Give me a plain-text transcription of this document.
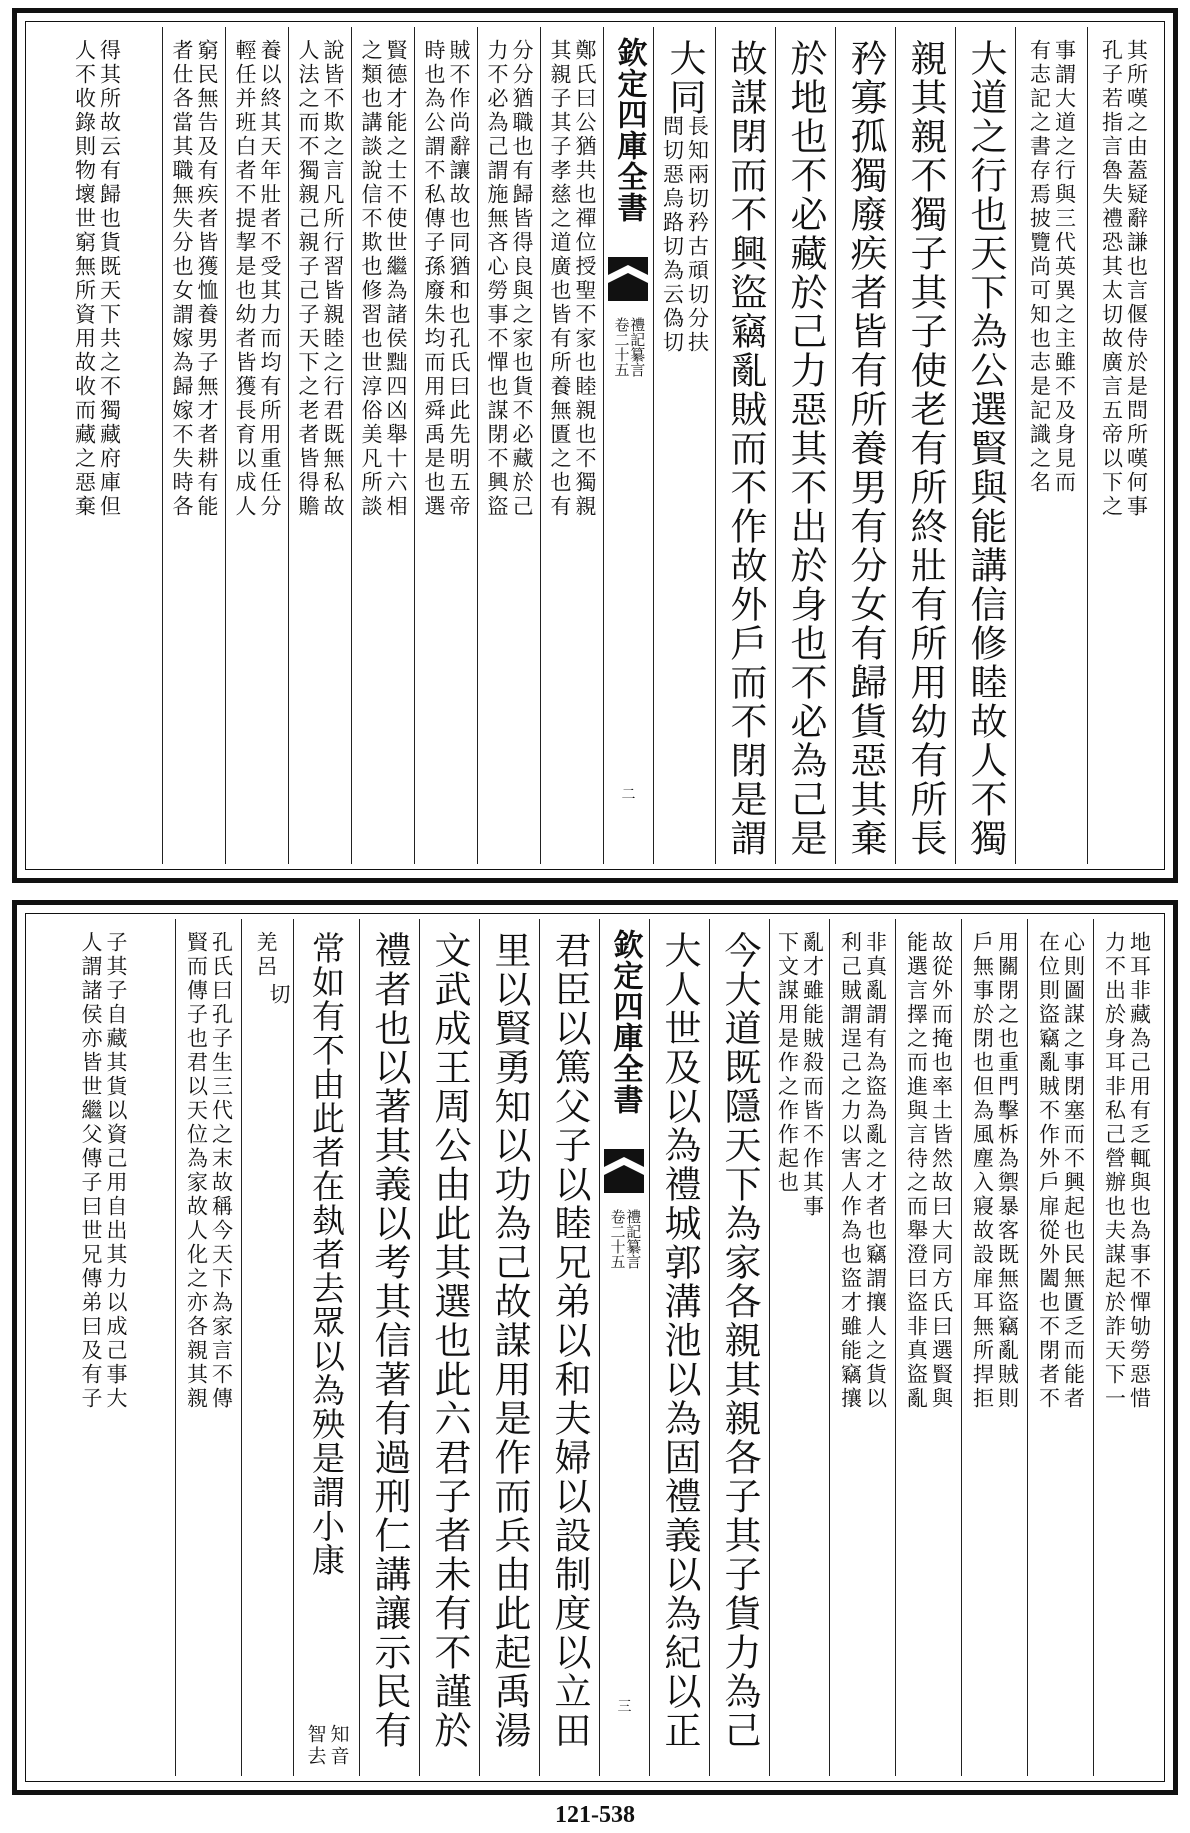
其所嘆之由蓋疑辭謙也言偃侍於是問所嘆何事
孔子若指言魯失禮恐其太切故廣言五帝以下之
事謂大道之行與三代英異之主雖不及身見而
有志記之書存焉披覽尚可知也志是記識之名
大道之行也天下為公選賢與能講信修睦故人不獨
親其親不獨子其子使老有所終壯有所用幼有所長
矜寡孤獨廢疾者皆有所養男有分女有歸貨惡其棄
於地也不必藏於己力惡其不出於身也不必為己是
故謀閉而不興盜竊亂賊而不作故外戶而不閉是謂
大同
長知兩切矜古頑切分扶
問切惡烏路切為云偽切
欽定四庫全書
禮記纂言
卷二十五
二
鄭氏曰公猶共也禪位授聖不家也睦親也不獨親
其親子其子孝慈之道廣也皆有所養無匱之也有
分分猶職也有歸皆得良與之家也貨不必藏於己
力不必為己謂施無吝心勞事不憚也謀閉不興盜
賊不作尚辭讓故也同猶和也孔氏曰此先明五帝
時也為公謂不私傳子孫廢朱均而用舜禹是也選
賢德才能之士不使世繼為諸侯黜四凶舉十六相
之類也講談說信不欺也修習也世淳俗美凡所談
說皆不欺之言凡所行習皆親睦之行君既無私故
人法之而不獨親己親子己子天下之老者皆得贍
養以終其天年壯者不受其力而均有所用重任分
輕任并班白者不提挈是也幼者皆獲長育以成人
窮民無告及有疾者皆獲恤養男子無才者耕有能
者仕各當其職無失分也女謂嫁為歸嫁不失時各
得其所故云有歸也貨既天下共之不獨藏府庫但
人不收錄則物壞世窮無所資用故收而藏之惡棄
地耳非藏為己用有乏輒與也為事不憚劬勞惡惜
力不出於身耳非私己營辦也夫謀起於詐天下一
心則圖謀之事閉塞而不興起也民無匱乏而能者
在位則盜竊亂賊不作外戶扉從外闔也不閉者不
用關閉之也重門擊柝為禦暴客既無盜竊亂賊則
戶無事於閉也但為風塵入寢故設扉耳無所捍拒
故從外而掩也率土皆然故曰大同方氏曰選賢與
能選言擇之而進與言待之而舉澄曰盜非真盜亂
非真亂謂有為盜為亂之才者也竊謂攘人之貨以
利己賊謂逞己之力以害人作為也盜才雖能竊攘
亂才雖能賊殺而皆不作其事
下文謀用是作之作作起也
今大道既隱天下為家各親其親各子其子貨力為己
大人世及以為禮城郭溝池以為固禮義以為紀以正
欽定四庫全書
禮記纂言
卷二十五
三
君臣以篤父子以睦兄弟以和夫婦以設制度以立田
里以賢勇知以功為己故謀用是作而兵由此起禹湯
文武成王周公由此其選也此六君子者未有不謹於
禮者也以著其義以考其信著有過刑仁講讓示民有
常如有不由此者在埶者去眾以為殃是謂小康
知音
智去
羌呂
切
孔氏曰孔子生三代之末故稱今天下為家言不傳
賢而傳子也君以天位為家故人化之亦各親其親
子其子自藏其貨以資己用自出其力以成己事大
人謂諸侯亦皆世繼父傳子曰世兄傳弟曰及有子
121-538
